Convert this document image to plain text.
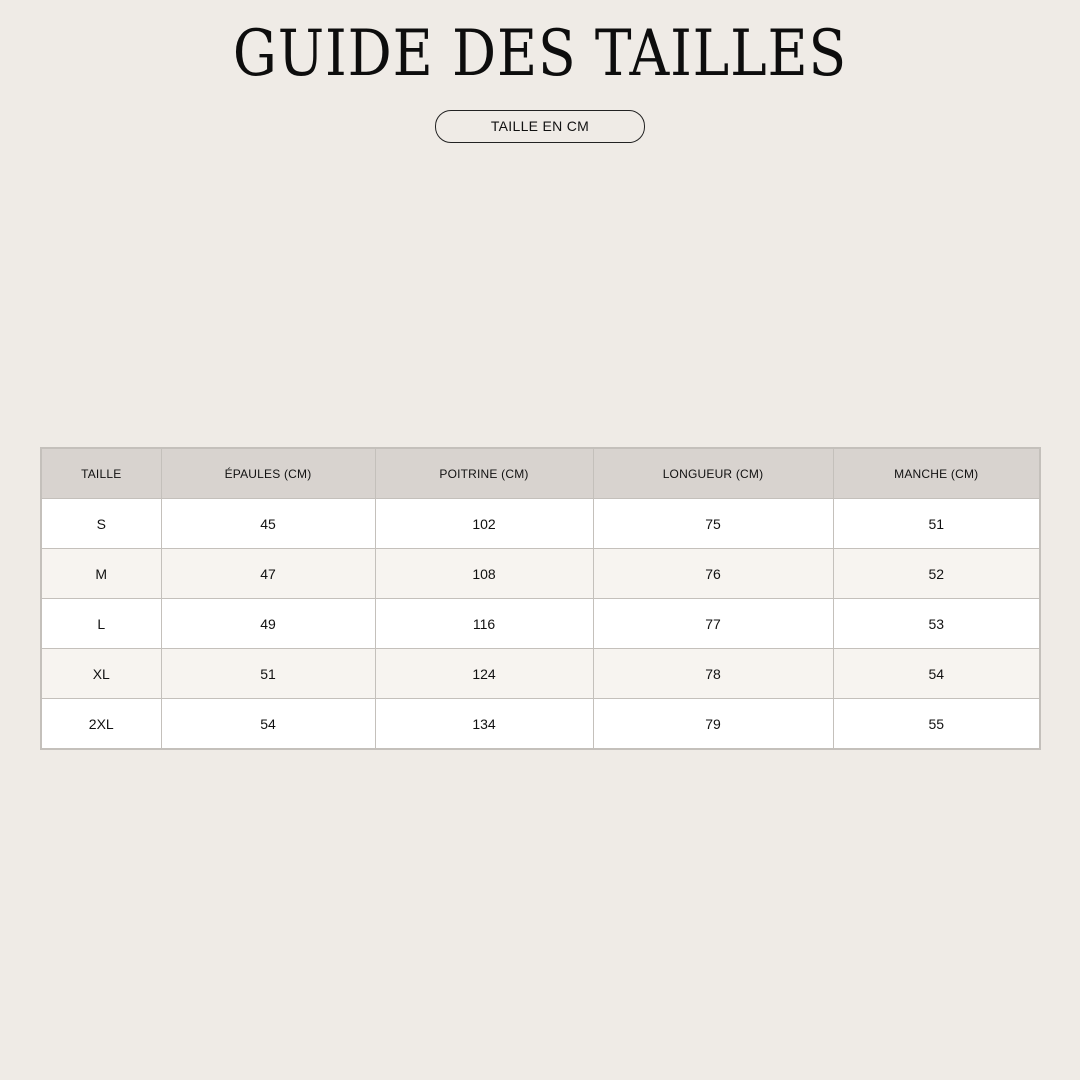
GUIDE DES TAILLES
TAILLE EN CM
TAILLE	ÉPAULES (CM)	POITRINE (CM)	LONGUEUR (CM)	MANCHE (CM)
S	45	102	75	51
M	47	108	76	52
L	49	116	77	53
XL	51	124	78	54
2XL	54	134	79	55
